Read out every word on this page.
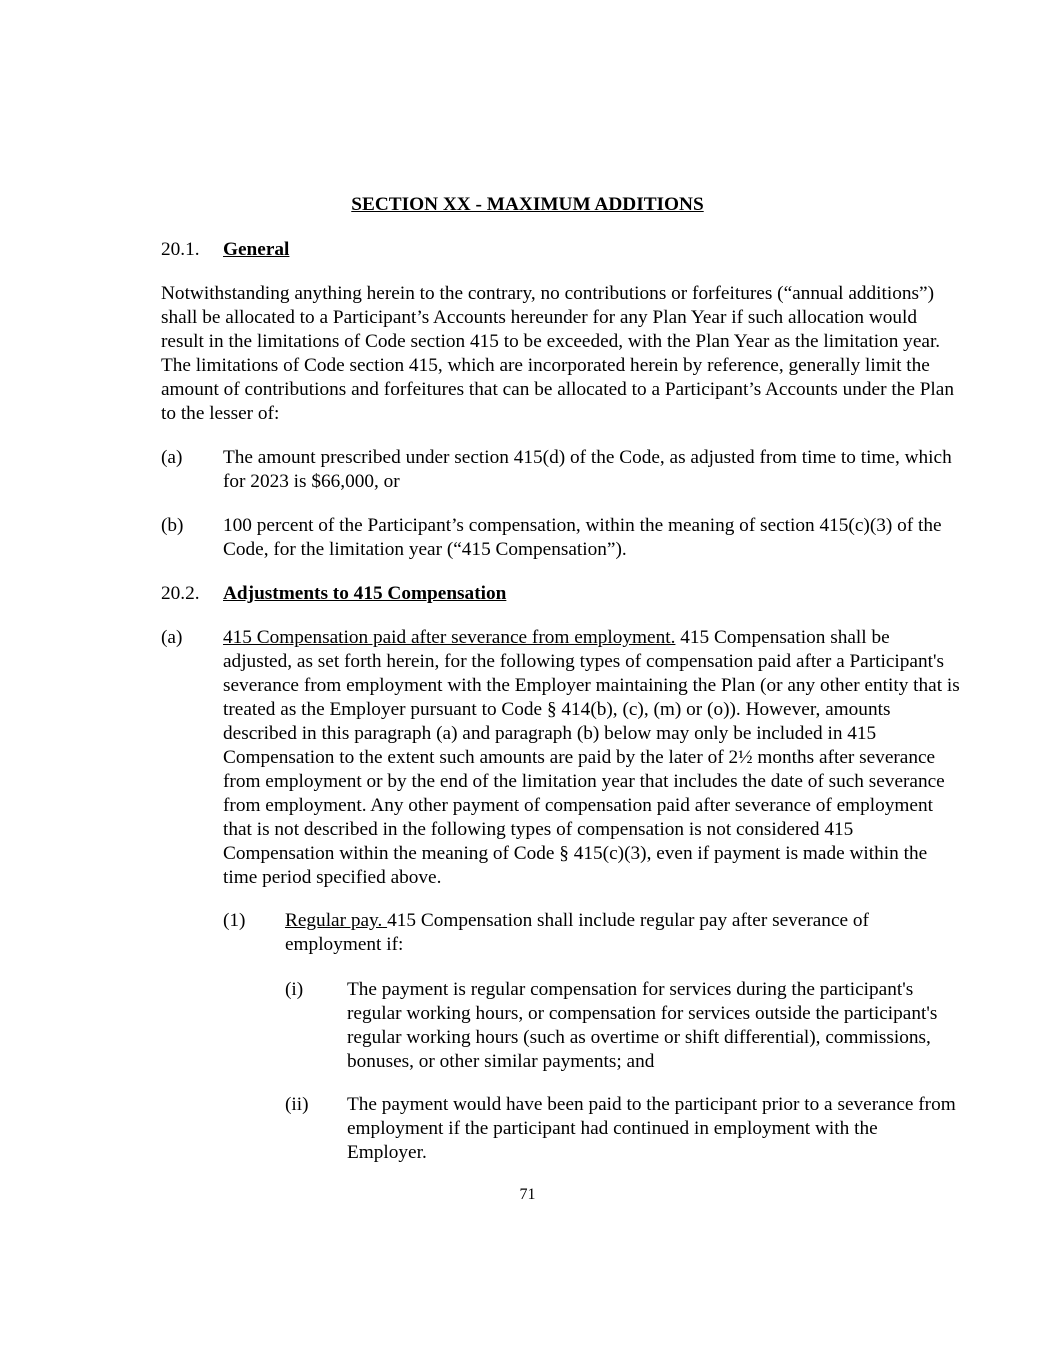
SECTION XX - MAXIMUM ADDITIONS
20.1. General
Notwithstanding anything herein to the contrary, no contributions or forfeitures (“annual additions”) shall be allocated to a Participant’s Accounts hereunder for any Plan Year if such allocation would result in the limitations of Code section 415 to be exceeded, with the Plan Year as the limitation year. The limitations of Code section 415, which are incorporated herein by reference, generally limit the amount of contributions and forfeitures that can be allocated to a Participant’s Accounts under the Plan to the lesser of:
(a) The amount prescribed under section 415(d) of the Code, as adjusted from time to time, which for 2023 is $66,000, or
(b) 100 percent of the Participant’s compensation, within the meaning of section 415(c)(3) of the Code, for the limitation year (“415 Compensation”).
20.2. Adjustments to 415 Compensation
(a) 415 Compensation paid after severance from employment. 415 Compensation shall be adjusted, as set forth herein, for the following types of compensation paid after a Participant's severance from employment with the Employer maintaining the Plan (or any other entity that is treated as the Employer pursuant to Code § 414(b), (c), (m) or (o)). However, amounts described in this paragraph (a) and paragraph (b) below may only be included in 415 Compensation to the extent such amounts are paid by the later of 2½ months after severance from employment or by the end of the limitation year that includes the date of such severance from employment. Any other payment of compensation paid after severance of employment that is not described in the following types of compensation is not considered 415 Compensation within the meaning of Code § 415(c)(3), even if payment is made within the time period specified above.
(1) Regular pay. 415 Compensation shall include regular pay after severance of employment if:
(i) The payment is regular compensation for services during the participant's regular working hours, or compensation for services outside the participant's regular working hours (such as overtime or shift differential), commissions, bonuses, or other similar payments; and
(ii) The payment would have been paid to the participant prior to a severance from employment if the participant had continued in employment with the Employer.
71
